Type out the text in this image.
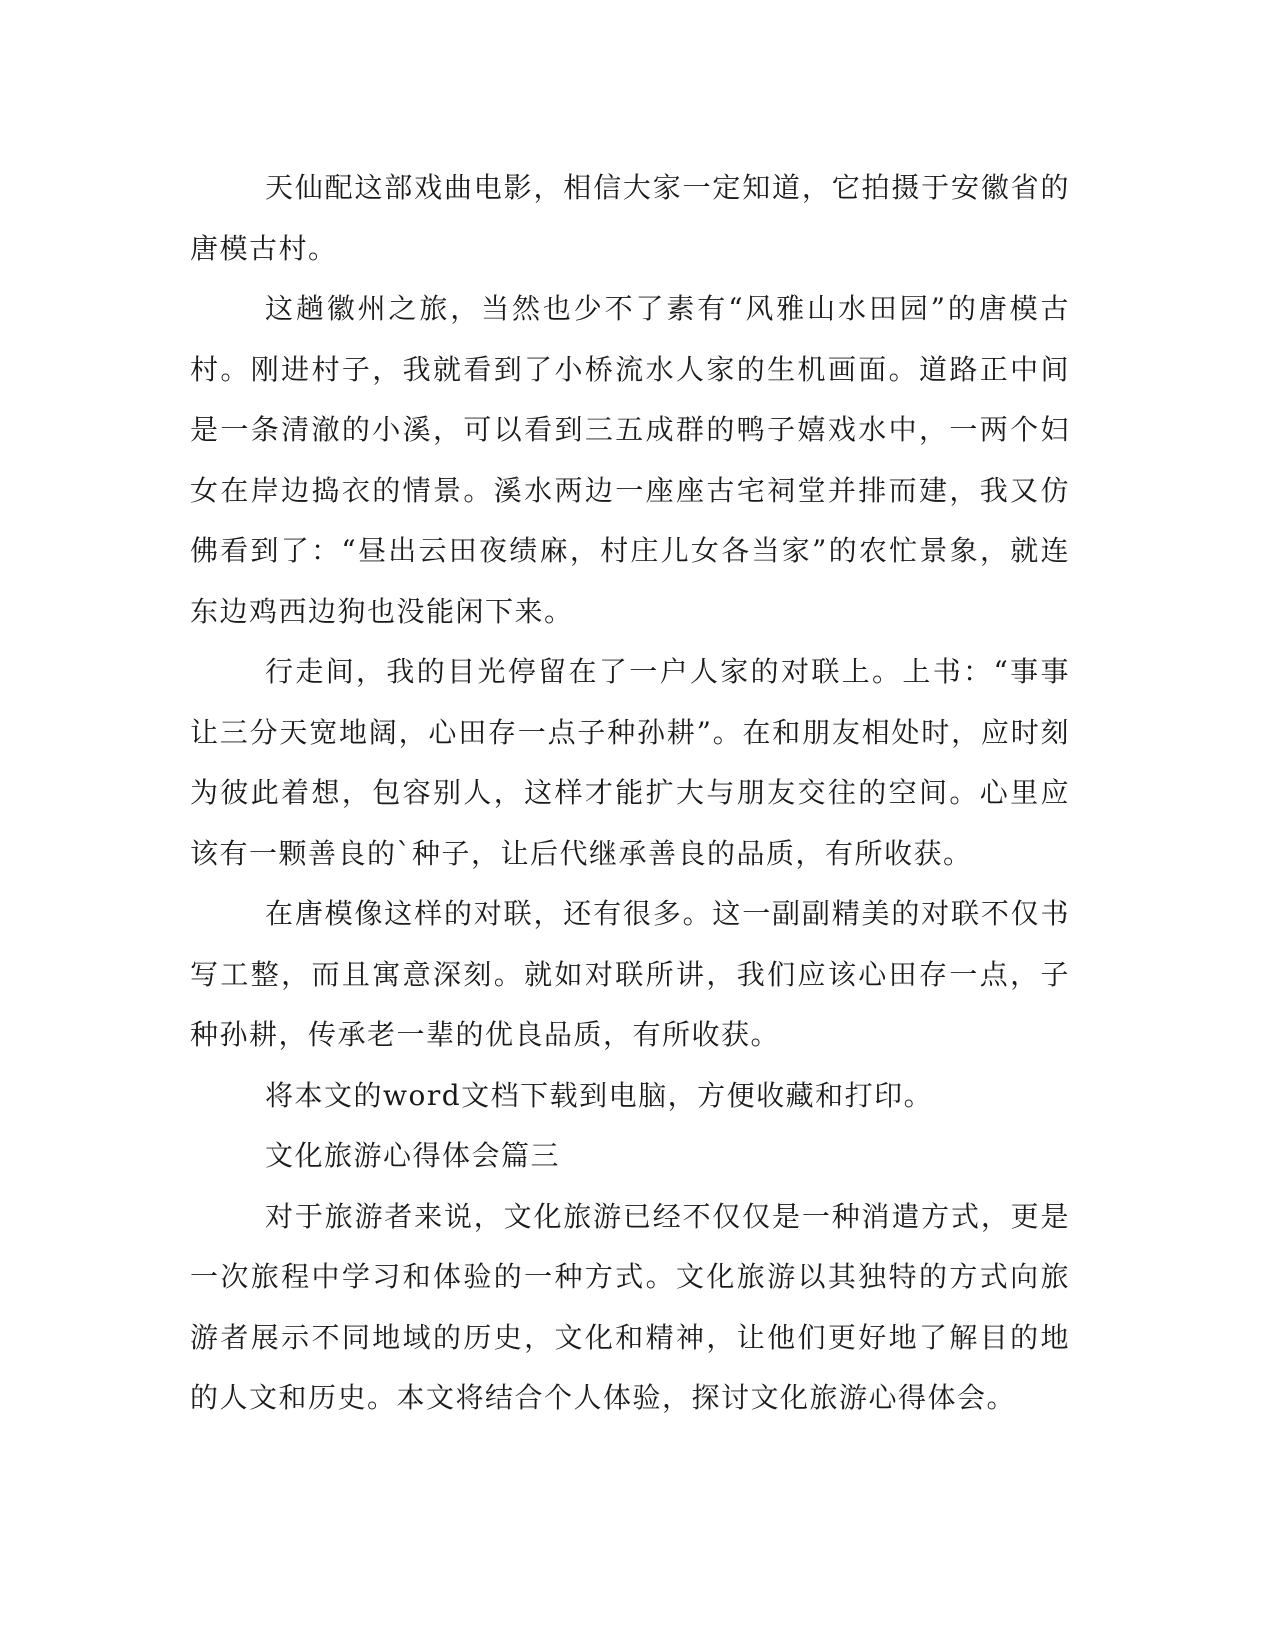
天仙配这部戏曲电影，相信大家一定知道，它拍摄于安徽省的唐模古村。

这趟徽州之旅，当然也少不了素有“风雅山水田园”的唐模古村。刚进村子，我就看到了小桥流水人家的生机画面。道路正中间是一条清澈的小溪，可以看到三五成群的鸭子嬉戏水中，一两个妇女在岸边捣衣的情景。溪水两边一座座古宅祠堂并排而建，我又仿佛看到了：“昼出云田夜绩麻，村庄儿女各当家”的农忙景象，就连东边鸡西边狗也没能闲下来。

行走间，我的目光停留在了一户人家的对联上。上书：“事事让三分天宽地阔，心田存一点子种孙耕”。在和朋友相处时，应时刻为彼此着想，包容别人，这样才能扩大与朋友交往的空间。心里应该有一颗善良的`种子，让后代继承善良的品质，有所收获。

在唐模像这样的对联，还有很多。这一副副精美的对联不仅书写工整，而且寓意深刻。就如对联所讲，我们应该心田存一点，子种孙耕，传承老一辈的优良品质，有所收获。

将本文的word文档下载到电脑，方便收藏和打印。

文化旅游心得体会篇三

对于旅游者来说，文化旅游已经不仅仅是一种消遣方式，更是一次旅程中学习和体验的一种方式。文化旅游以其独特的方式向旅游者展示不同地域的历史，文化和精神，让他们更好地了解目的地的人文和历史。本文将结合个人体验，探讨文化旅游心得体会。
